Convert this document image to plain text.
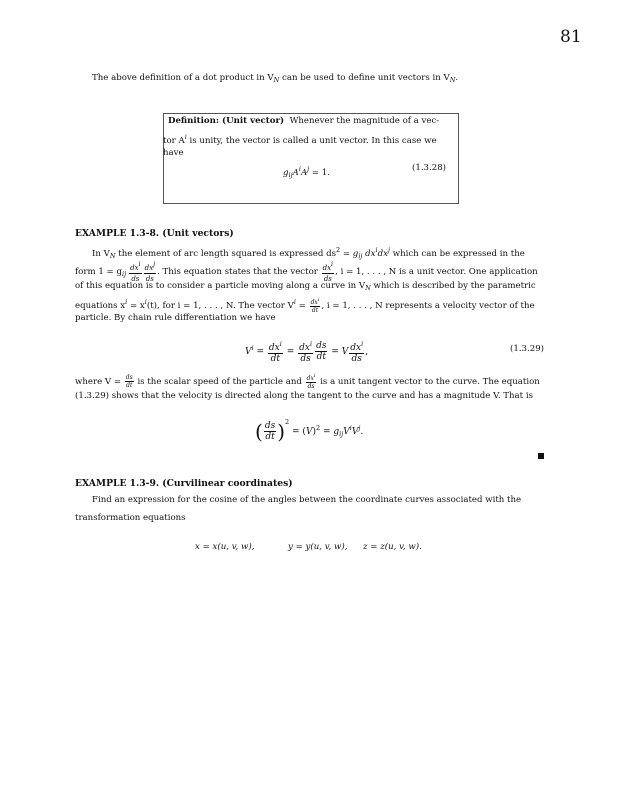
81
The above definition of a dot product in $V_N$ can be used to define unit vectors in $V_N$.
Definition: (Unit vector) Whenever the magnitude of a vec-
tor $A^i$ is unity, the vector is called a unit vector. In this case we
have
$g_{ij}A^iA^j = 1$.	(1.3.28)
EXAMPLE 1.3-8. (Unit vectors)
In $V_N$ the element of arc length squared is expressed $ds^2 = g_{ij}$ $dx^idx^j$ which can be expressed in the
form $1 = g_{ij} \frac{\text{dxi}}{ds} \frac{\text{dxj}}{ds}$ . This equation states that the vector $\frac{\text{dxi}}{ds}$ , i = 1, . . . , N is a unit vector. One application
of this equation is to consider a particle moving along a curve in $V_N$ which is described by the parametric
equations $x^i = x^i(t)$, for i = 1, . . . , N. The vector $V^i = \frac{dx^i}{dt}$ , i = 1, . . . , N represents a velocity vector of the
particle. By chain rule differentiation we have
$V^i = \frac{dx^i}{dt} = \frac{dx^i}{ds} \frac{ds}{dt} = V \frac{dx^i}{ds}$ ,	(1.3.29)
where $V = \frac{ds}{dt}$ is the scalar speed of the particle and $\frac{dx^i}{ds}$ is a unit tangent vector to the curve. The equation
(1.3.29) shows that the velocity is directed along the tangent to the curve and has a magnitude V. That is
( $\frac{ds}{dt} )^2 = (V)^2 = g_{ij}V^iV^j$.
EXAMPLE 1.3-9. (Curvilinear coordinates)
Find an expression for the cosine of the angles between the coordinate curves associated with the
transformation equations
x = x(u, v, w),	y = y(u, v, w), z = z(u, v, w).
